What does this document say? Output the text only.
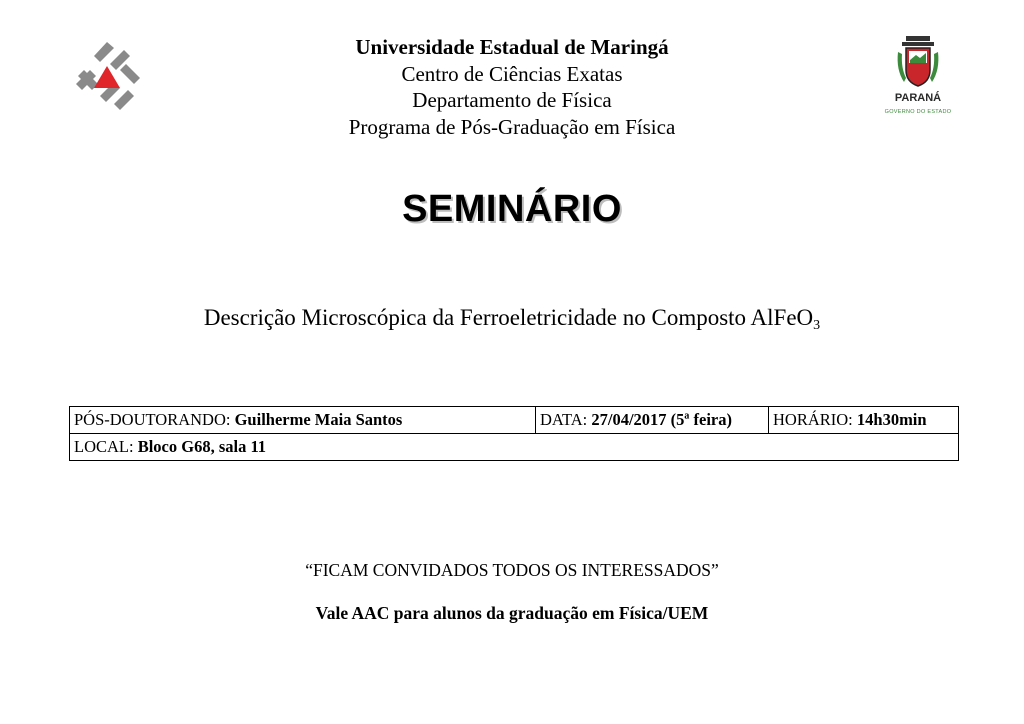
Universidade Estadual de Maringá
Centro de Ciências Exatas
Departamento de Física
Programa de Pós-Graduação em Física
PARANÁ
GOVERNO DO ESTADO
SEMINÁRIO
Descrição Microscópica da Ferroeletricidade no Composto AlFeO$_3$
PÓS-DOUTORANDO: Guilherme Maia Santos	DATA: 27/04/2017 (5ª feira)	HORÁRIO: 14h30min
LOCAL: Bloco G68, sala 11
“FICAM CONVIDADOS TODOS OS INTERESSADOS”
Vale AAC para alunos da graduação em Física/UEM
